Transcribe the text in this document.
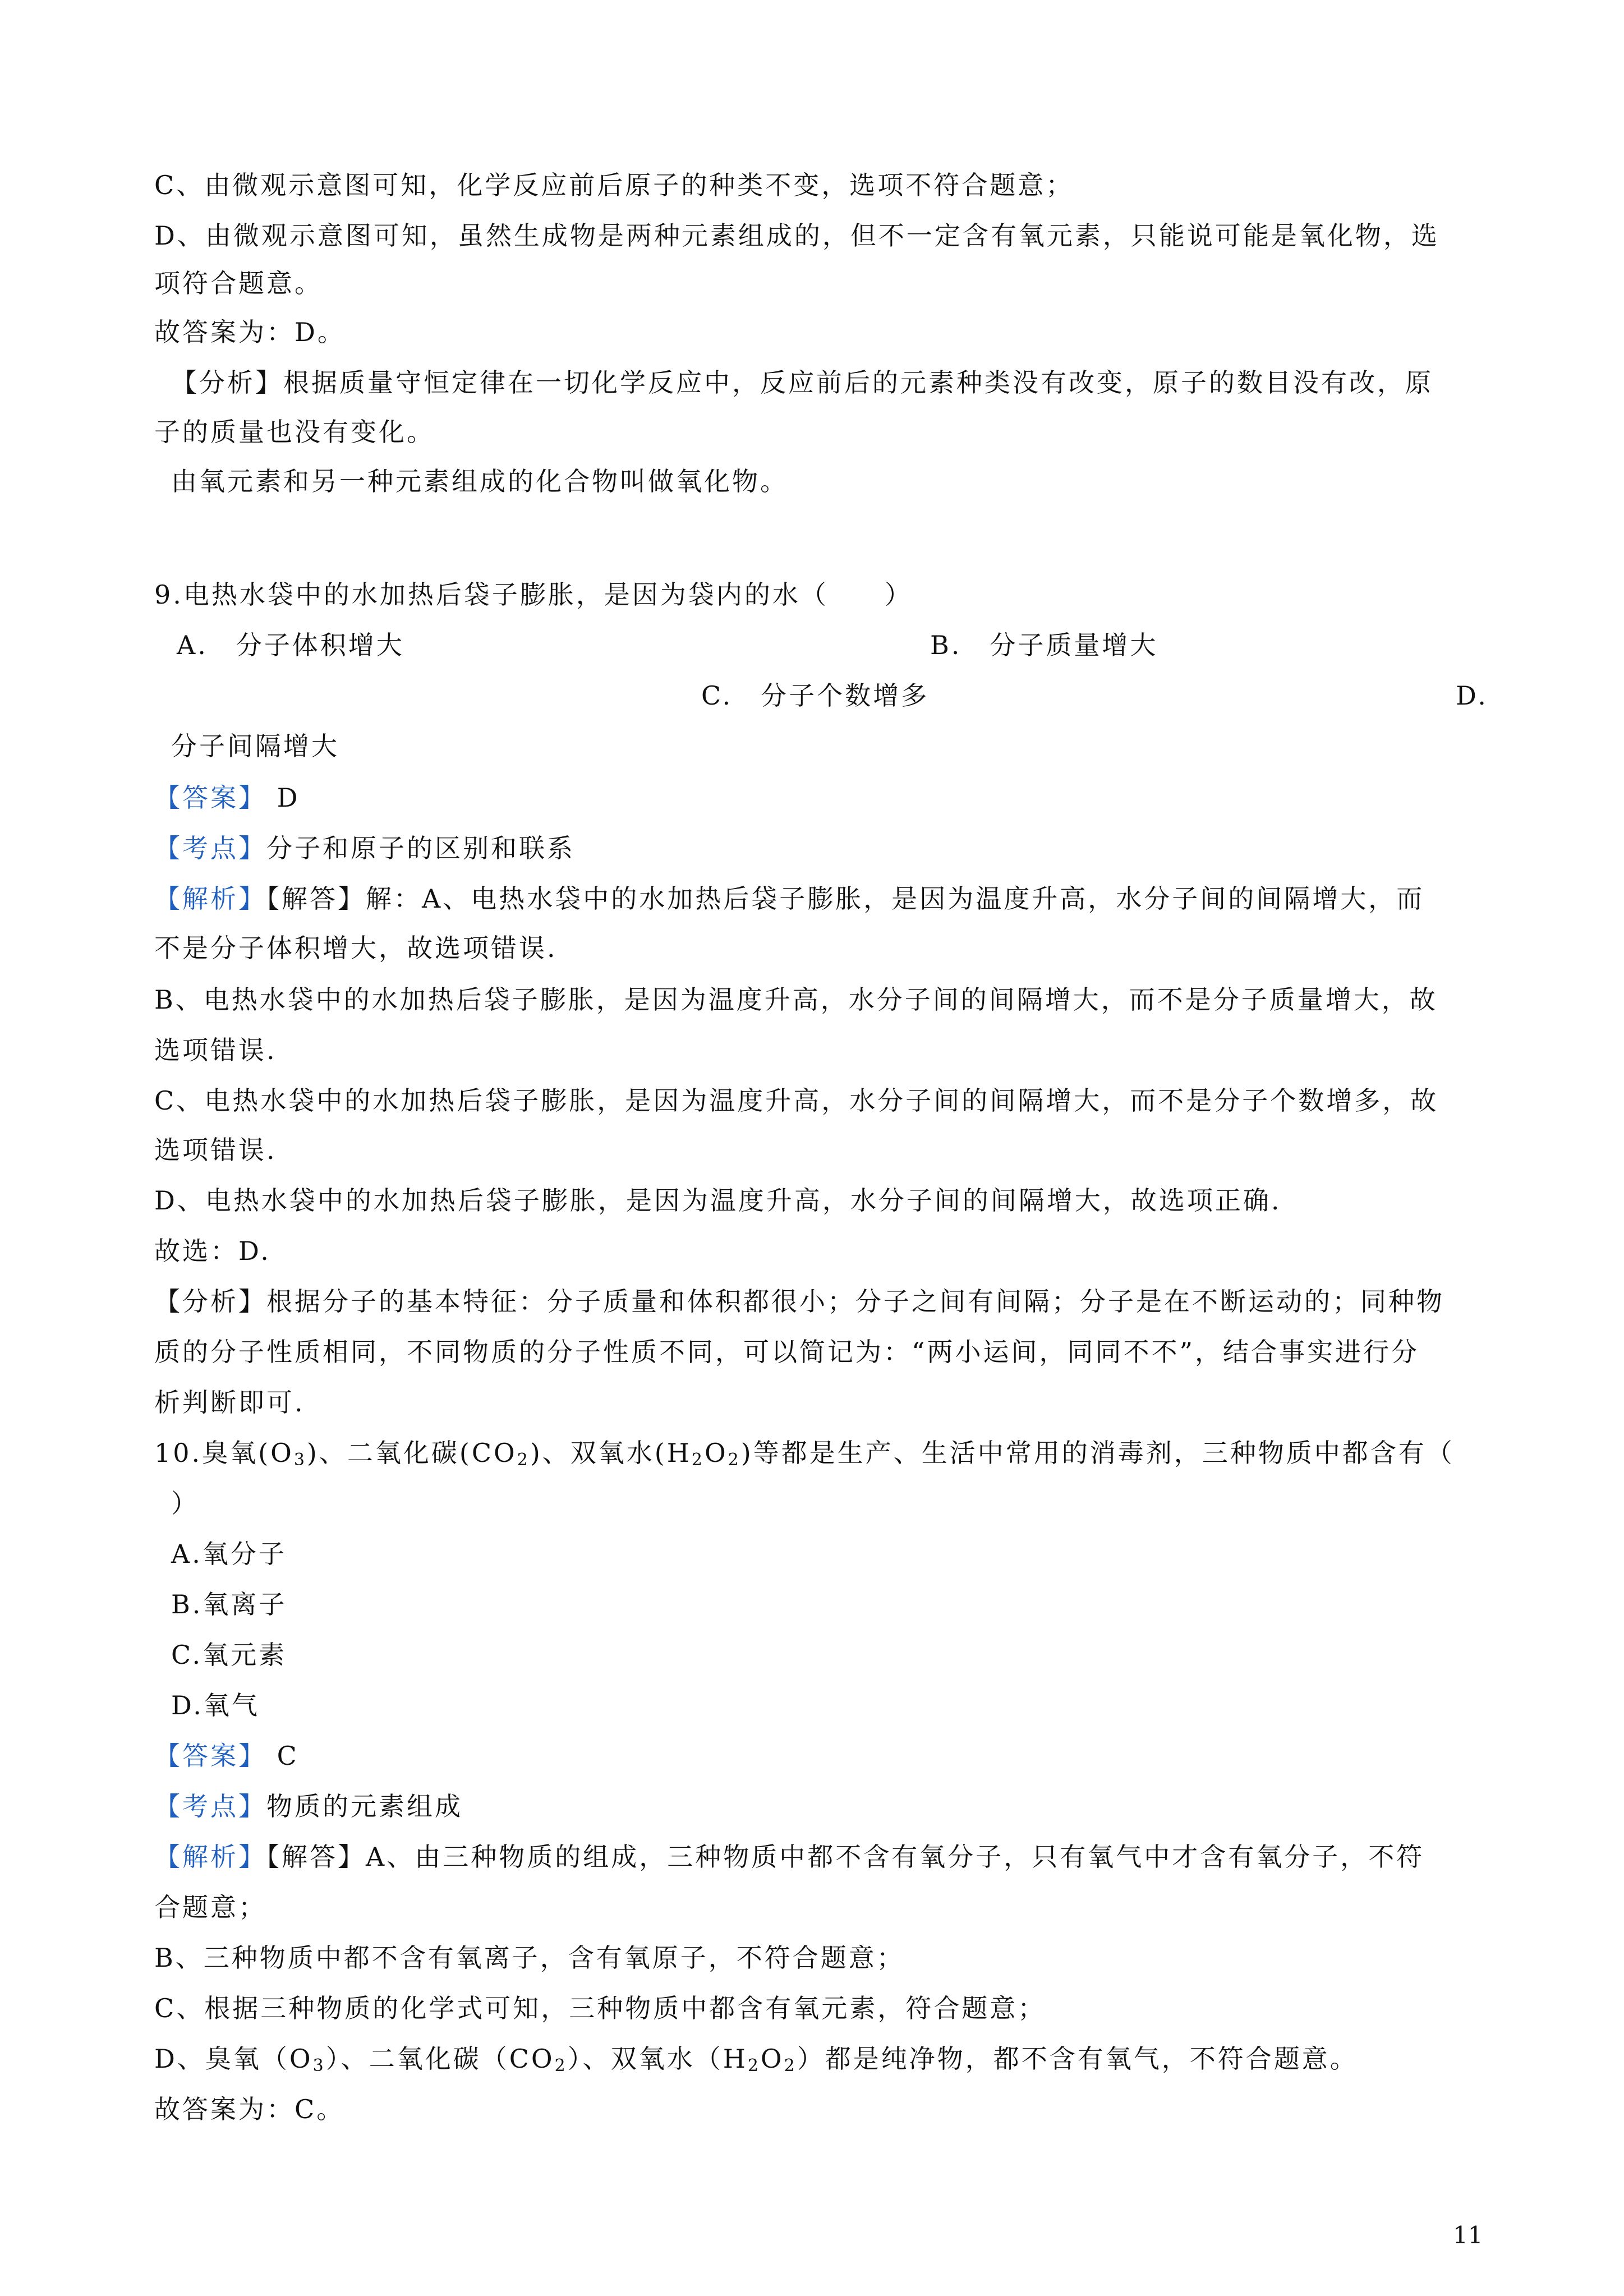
C、由微观示意图可知，化学反应前后原子的种类不变，选项不符合题意；
D、由微观示意图可知，虽然生成物是两种元素组成的，但不一定含有氧元素，只能说可能是氧化物，选
项符合题意。
故答案为：D。
【分析】根据质量守恒定律在一切化学反应中，反应前后的元素种类没有改变，原子的数目没有改，原
子的质量也没有变化。
由氧元素和另一种元素组成的化合物叫做氧化物。
9.电热水袋中的水加热后袋子膨胀，是因为袋内的水（　　）
A.　分子体积增大	B.　分子质量增大
C.　分子个数增多	D.
分子间隔增大
【答案】 D
【考点】分子和原子的区别和联系
【解析】【解答】解：A、电热水袋中的水加热后袋子膨胀，是因为温度升高，水分子间的间隔增大，而
不是分子体积增大，故选项错误.
B、电热水袋中的水加热后袋子膨胀，是因为温度升高，水分子间的间隔增大，而不是分子质量增大，故
选项错误.
C、电热水袋中的水加热后袋子膨胀，是因为温度升高，水分子间的间隔增大，而不是分子个数增多，故
选项错误.
D、电热水袋中的水加热后袋子膨胀，是因为温度升高，水分子间的间隔增大，故选项正确.
故选：D.
【分析】根据分子的基本特征：分子质量和体积都很小；分子之间有间隔；分子是在不断运动的；同种物
质的分子性质相同，不同物质的分子性质不同，可以简记为：“两小运间，同同不不”，结合事实进行分
析判断即可.
10.臭氧$(O_3)$、二氧化碳$(CO_2)$、双氧水$(H_2O_2)$等都是生产、生活中常用的消毒剂，三种物质中都含有（
）
A.氧分子
B.氧离子
C.氧元素
D.氧气
【答案】 C
【考点】物质的元素组成
【解析】【解答】A、由三种物质的组成，三种物质中都不含有氧分子，只有氧气中才含有氧分子，不符
合题意；
B、三种物质中都不含有氧离子，含有氧原子，不符合题意；
C、根据三种物质的化学式可知，三种物质中都含有氧元素，符合题意；
D、臭氧$(O_3)$、二氧化碳$(CO_2)$、双氧水$(H_2O_2)$都是纯净物，都不含有氧气，不符合题意。
故答案为：C。
11
